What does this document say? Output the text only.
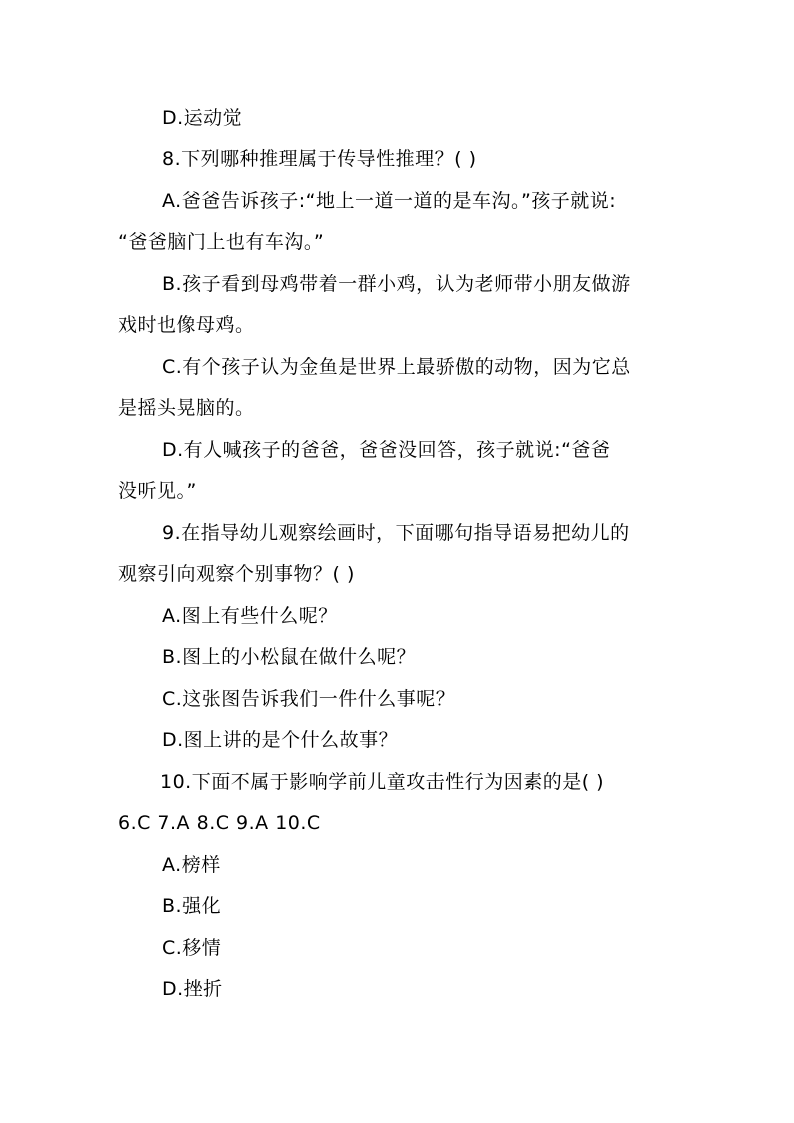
D.运动觉
8.下列哪种推理属于传导性推理？( )
A.爸爸告诉孩子:“地上一道一道的是车沟。”孩子就说:
“爸爸脑门上也有车沟。”
B.孩子看到母鸡带着一群小鸡，认为老师带小朋友做游
戏时也像母鸡。
C.有个孩子认为金鱼是世界上最骄傲的动物，因为它总
是摇头晃脑的。
D.有人喊孩子的爸爸，爸爸没回答，孩子就说:“爸爸
没听见。”
9.在指导幼儿观察绘画时，下面哪句指导语易把幼儿的
观察引向观察个别事物？( )
A.图上有些什么呢？
B.图上的小松鼠在做什么呢？
C.这张图告诉我们一件什么事呢？
D.图上讲的是个什么故事？
10.下面不属于影响学前儿童攻击性行为因素的是( )
6.C 7.A 8.C 9.A 10.C
A.榜样
B.强化
C.移情
D.挫折
